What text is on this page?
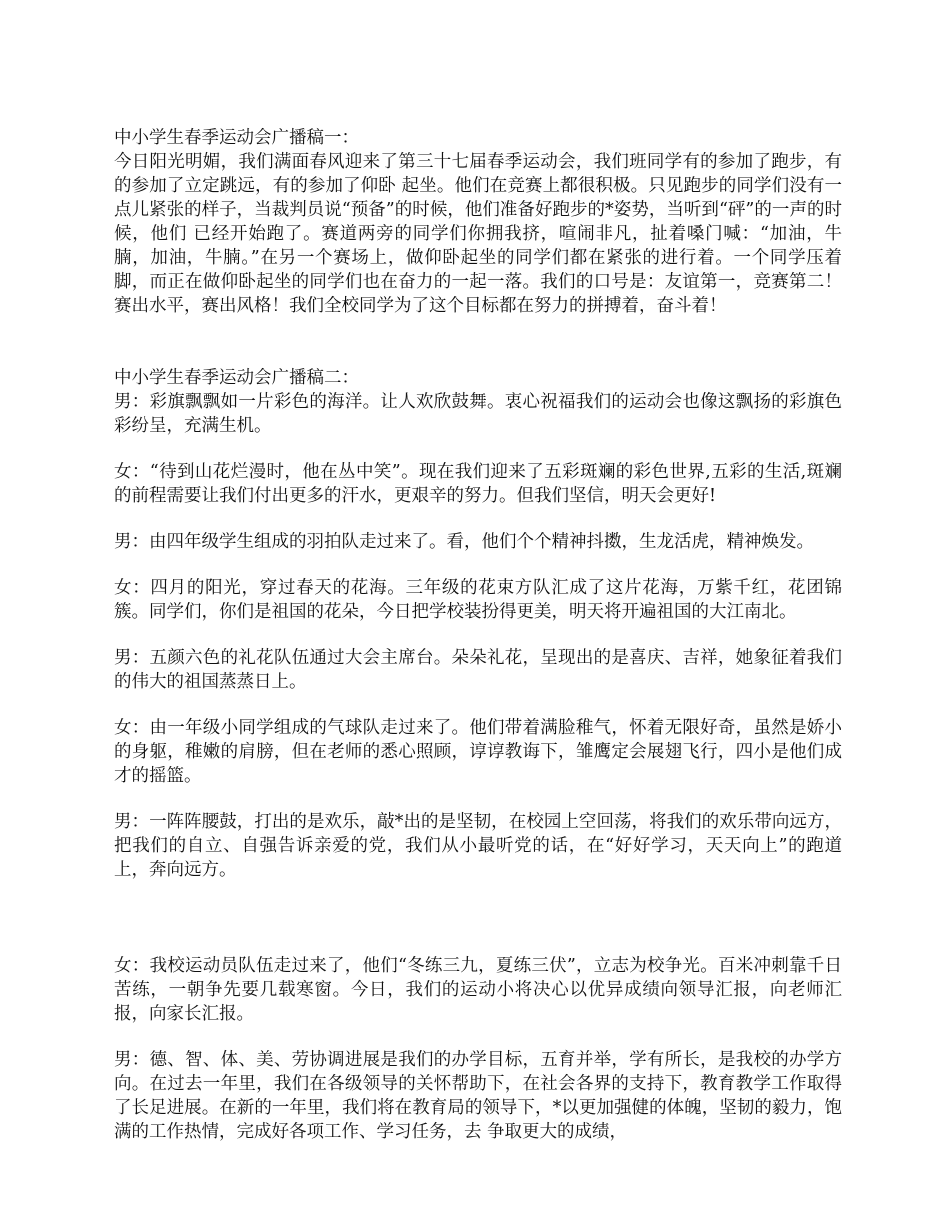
中小学生春季运动会广播稿一：

今日阳光明媚，我们满面春风迎来了第三十七届春季运动会，我们班同学有的参加了跑步，有的参加了立定跳远，有的参加了仰卧 起坐。他们在竞赛上都很积极。只见跑步的同学们没有一点儿紧张的样子，当裁判员说“预备”的时候，他们准备好跑步的*姿势，当听到“砰”的一声的时候，他们 已经开始跑了。赛道两旁的同学们你拥我挤，喧闹非凡，扯着嗓门喊：“加油，牛腩，加油，牛腩。”在另一个赛场上，做仰卧起坐的同学们都在紧张的进行着。一个同学压着脚，而正在做仰卧起坐的同学们也在奋力的一起一落。我们的口号是：友谊第一，竞赛第二！赛出水平，赛出风格！我们全校同学为了这个目标都在努力的拼搏着，奋斗着！

中小学生春季运动会广播稿二：

男：彩旗飘飘如一片彩色的海洋。让人欢欣鼓舞。衷心祝福我们的运动会也像这飘扬的彩旗色彩纷呈，充满生机。

女：“待到山花烂漫时，他在丛中笑”。现在我们迎来了五彩斑斓的彩色世界,五彩的生活,斑斓的前程需要让我们付出更多的汗水，更艰辛的努力。但我们坚信，明天会更好!

男：由四年级学生组成的羽拍队走过来了。看，他们个个精神抖擞，生龙活虎，精神焕发。

女：四月的阳光，穿过春天的花海。三年级的花束方队汇成了这片花海，万紫千红，花团锦簇。同学们，你们是祖国的花朵，今日把学校装扮得更美，明天将开遍祖国的大江南北。

男：五颜六色的礼花队伍通过大会主席台。朵朵礼花，呈现出的是喜庆、吉祥，她象征着我们的伟大的祖国蒸蒸日上。

女：由一年级小同学组成的气球队走过来了。他们带着满脸稚气，怀着无限好奇，虽然是娇小的身躯，稚嫩的肩膀，但在老师的悉心照顾，谆谆教诲下，雏鹰定会展翅飞行，四小是他们成才的摇篮。

男：一阵阵腰鼓，打出的是欢乐，敲*出的是坚韧，在校园上空回荡，将我们的欢乐带向远方，把我们的自立、自强告诉亲爱的党，我们从小最听党的话，在“好好学习，天天向上”的跑道上，奔向远方。

女：我校运动员队伍走过来了，他们“冬练三九，夏练三伏”，立志为校争光。百米冲刺靠千日苦练，一朝争先要几载寒窗。今日，我们的运动小将决心以优异成绩向领导汇报，向老师汇报，向家长汇报。

男：德、智、体、美、劳协调进展是我们的办学目标，五育并举，学有所长，是我校的办学方向。在过去一年里，我们在各级领导的关怀帮助下，在社会各界的支持下，教育教学工作取得了长足进展。在新的一年里，我们将在教育局的领导下，*以更加强健的体魄，坚韧的毅力，饱满的工作热情，完成好各项工作、学习任务，去 争取更大的成绩，
